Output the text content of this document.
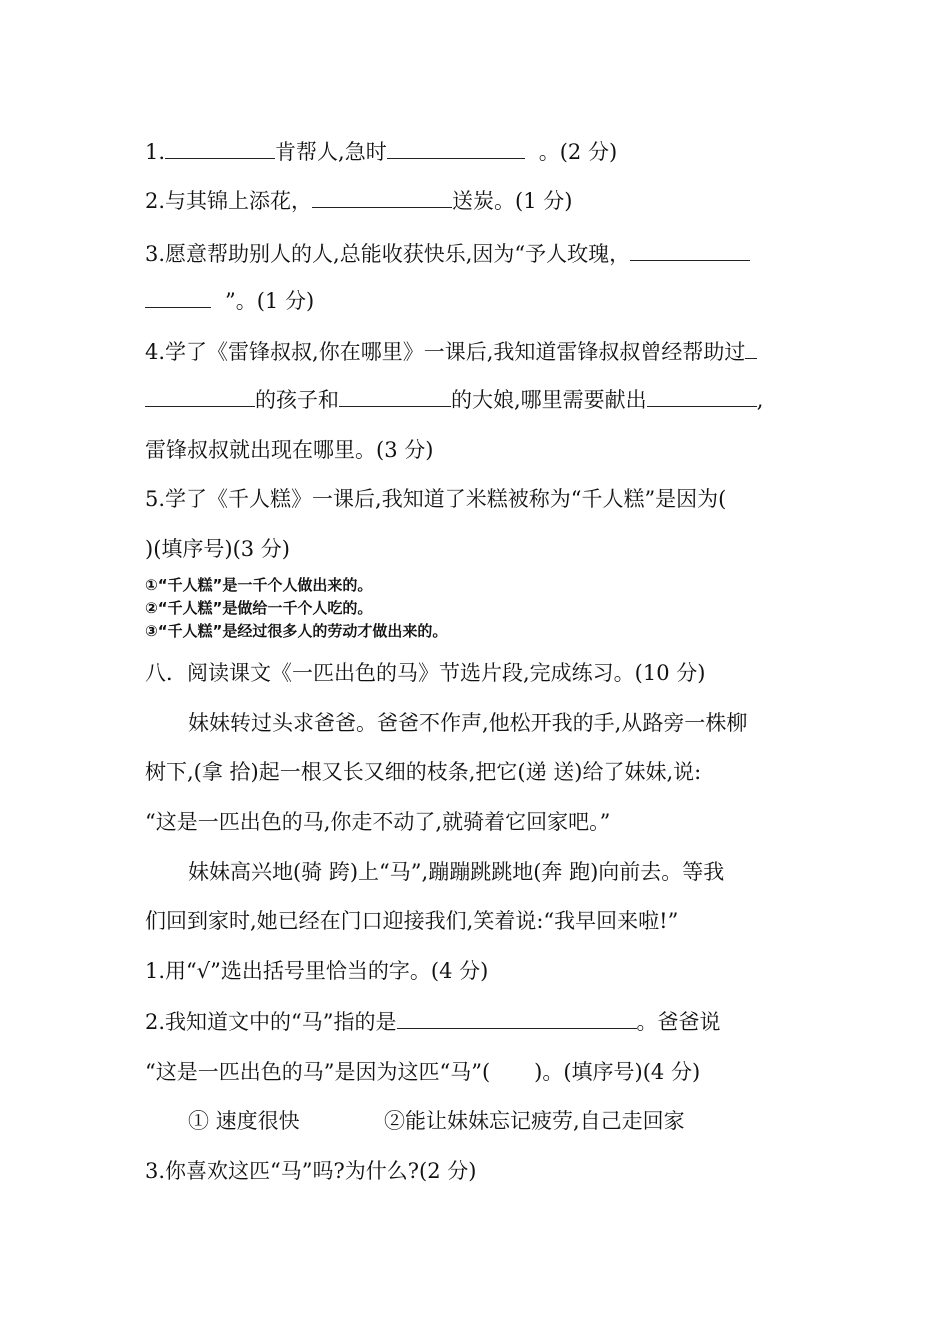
1.	肯帮人,急时	。(2 分)
2.与其锦上添花，	送炭。(1 分)
3.愿意帮助别人的人,总能收获快乐,因为“予人玫瑰，
”。(1 分)
4.学了《雷锋叔叔,你在哪里》一课后,我知道雷锋叔叔曾经帮助过
的孩子和	的大娘,哪里需要献出	,
雷锋叔叔就出现在哪里。(3 分)
5.学了《千人糕》一课后,我知道了米糕被称为“千人糕”是因为(
)(填序号)(3 分)
①“千人糕”是一千个人做出来的。
②“千人糕”是做给一千个人吃的。
③“千人糕”是经过很多人的劳动才做出来的。
八．阅读课文《一匹出色的马》节选片段,完成练习。(10 分)
妹妹转过头求爸爸。爸爸不作声,他松开我的手,从路旁一株柳
树下,(拿 拾)起一根又长又细的枝条,把它(递 送)给了妹妹,说:
“这是一匹出色的马,你走不动了,就骑着它回家吧。”
妹妹高兴地(骑 跨)上“马”,蹦蹦跳跳地(奔 跑)向前去。等我
们回到家时,她已经在门口迎接我们,笑着说:“我早回来啦!”
1.用“√”选出括号里恰当的字。(4 分)
2.我知道文中的“马”指的是	。爸爸说
“这是一匹出色的马”是因为这匹“马”( )。(填序号)(4 分)
① 速度很快	②能让妹妹忘记疲劳,自己走回家
3.你喜欢这匹“马”吗?为什么?(2 分)
